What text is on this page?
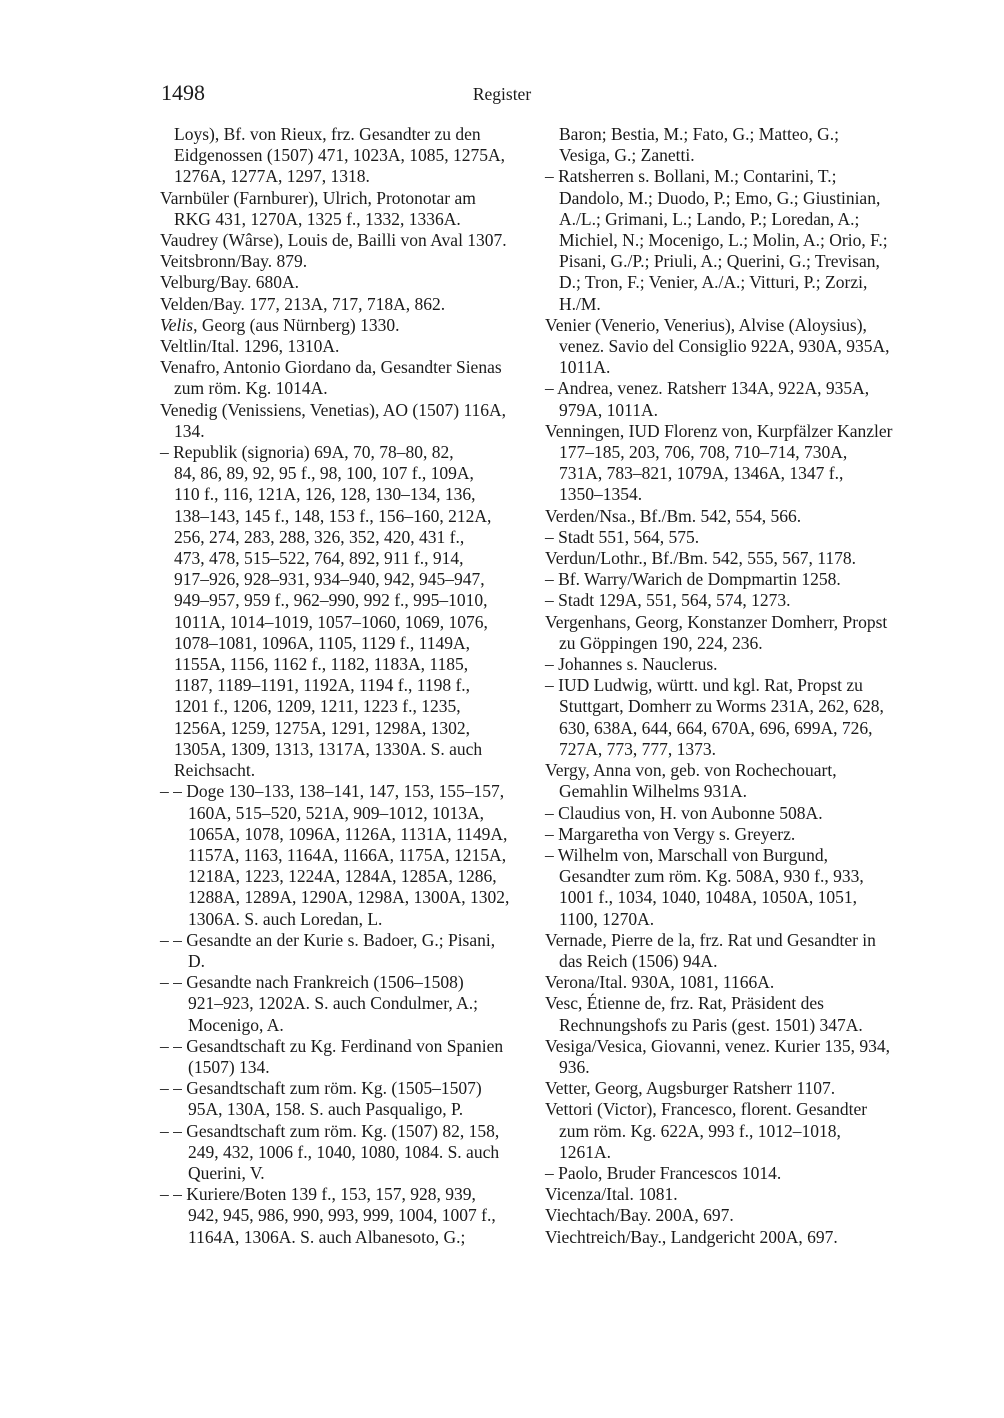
1498	Register

Loys), Bf. von Rieux, frz. Gesandter zu den
Eidgenossen (1507) 471, 1023A, 1085, 1275A,
1276A, 1277A, 1297, 1318.

Varnbüler (Farnburer), Ulrich, Protonotar am
RKG 431, 1270A, 1325 f., 1332, 1336A.

Vaudrey (Wârse), Louis de, Bailli von Aval 1307.

Veitsbronn/Bay. 879.

Velburg/Bay. 680A.

Velden/Bay. 177, 213A, 717, 718A, 862.

Velis, Georg (aus Nürnberg) 1330.

Veltlin/Ital. 1296, 1310A.

Venafro, Antonio Giordano da, Gesandter Sienas
zum röm. Kg. 1014A.

Venedig (Venissiens, Venetias), AO (1507) 116A,
134.

– Republik (signoria) 69A, 70, 78–80, 82,
84, 86, 89, 92, 95 f., 98, 100, 107 f., 109A,
110 f., 116, 121A, 126, 128, 130–134, 136,
138–143, 145 f., 148, 153 f., 156–160, 212A,
256, 274, 283, 288, 326, 352, 420, 431 f.,
473, 478, 515–522, 764, 892, 911 f., 914,
917–926, 928–931, 934–940, 942, 945–947,
949–957, 959 f., 962–990, 992 f., 995–1010,
1011A, 1014–1019, 1057–1060, 1069, 1076,
1078–1081, 1096A, 1105, 1129 f., 1149A,
1155A, 1156, 1162 f., 1182, 1183A, 1185,
1187, 1189–1191, 1192A, 1194 f., 1198 f.,
1201 f., 1206, 1209, 1211, 1223 f., 1235,
1256A, 1259, 1275A, 1291, 1298A, 1302,
1305A, 1309, 1313, 1317A, 1330A. S. auch
Reichsacht.

– – Doge 130–133, 138–141, 147, 153, 155–157,
160A, 515–520, 521A, 909–1012, 1013A,
1065A, 1078, 1096A, 1126A, 1131A, 1149A,
1157A, 1163, 1164A, 1166A, 1175A, 1215A,
1218A, 1223, 1224A, 1284A, 1285A, 1286,
1288A, 1289A, 1290A, 1298A, 1300A, 1302,
1306A. S. auch Loredan, L.

– – Gesandte an der Kurie s. Badoer, G.; Pisani,
D.

– – Gesandte nach Frankreich (1506–1508)
921–923, 1202A. S. auch Condulmer, A.;
Mocenigo, A.

– – Gesandtschaft zu Kg. Ferdinand von Spanien
(1507) 134.

– – Gesandtschaft zum röm. Kg. (1505–1507)
95A, 130A, 158. S. auch Pasqualigo, P.

– – Gesandtschaft zum röm. Kg. (1507) 82, 158,
249, 432, 1006 f., 1040, 1080, 1084. S. auch
Querini, V.

– – Kuriere/Boten 139 f., 153, 157, 928, 939,
942, 945, 986, 990, 993, 999, 1004, 1007 f.,
1164A, 1306A. S. auch Albanesoto, G.;

Baron; Bestia, M.; Fato, G.; Matteo, G.;
Vesiga, G.; Zanetti.

– Ratsherren s. Bollani, M.; Contarini, T.;
Dandolo, M.; Duodo, P.; Emo, G.; Giustinian,
A./L.; Grimani, L.; Lando, P.; Loredan, A.;
Michiel, N.; Mocenigo, L.; Molin, A.; Orio, F.;
Pisani, G./P.; Priuli, A.; Querini, G.; Trevisan,
D.; Tron, F.; Venier, A./A.; Vitturi, P.; Zorzi,
H./M.

Venier (Venerio, Venerius), Alvise (Aloysius),
venez. Savio del Consiglio 922A, 930A, 935A,
1011A.

– Andrea, venez. Ratsherr 134A, 922A, 935A,
979A, 1011A.

Venningen, IUD Florenz von, Kurpfälzer Kanzler
177–185, 203, 706, 708, 710–714, 730A,
731A, 783–821, 1079A, 1346A, 1347 f.,
1350–1354.

Verden/Nsa., Bf./Bm. 542, 554, 566.

– Stadt 551, 564, 575.

Verdun/Lothr., Bf./Bm. 542, 555, 567, 1178.

– Bf. Warry/Warich de Dompmartin 1258.

– Stadt 129A, 551, 564, 574, 1273.

Vergenhans, Georg, Konstanzer Domherr, Propst
zu Göppingen 190, 224, 236.

– Johannes s. Nauclerus.

– IUD Ludwig, württ. und kgl. Rat, Propst zu
Stuttgart, Domherr zu Worms 231A, 262, 628,
630, 638A, 644, 664, 670A, 696, 699A, 726,
727A, 773, 777, 1373.

Vergy, Anna von, geb. von Rochechouart,
Gemahlin Wilhelms 931A.

– Claudius von, H. von Aubonne 508A.

– Margaretha von Vergy s. Greyerz.

– Wilhelm von, Marschall von Burgund,
Gesandter zum röm. Kg. 508A, 930 f., 933,
1001 f., 1034, 1040, 1048A, 1050A, 1051,
1100, 1270A.

Vernade, Pierre de la, frz. Rat und Gesandter in
das Reich (1506) 94A.

Verona/Ital. 930A, 1081, 1166A.

Vesc, Étienne de, frz. Rat, Präsident des
Rechnungshofs zu Paris (gest. 1501) 347A.

Vesiga/Vesica, Giovanni, venez. Kurier 135, 934,
936.

Vetter, Georg, Augsburger Ratsherr 1107.

Vettori (Victor), Francesco, florent. Gesandter
zum röm. Kg. 622A, 993 f., 1012–1018,
1261A.

– Paolo, Bruder Francescos 1014.

Vicenza/Ital. 1081.

Viechtach/Bay. 200A, 697.

Viechtreich/Bay., Landgericht 200A, 697.
